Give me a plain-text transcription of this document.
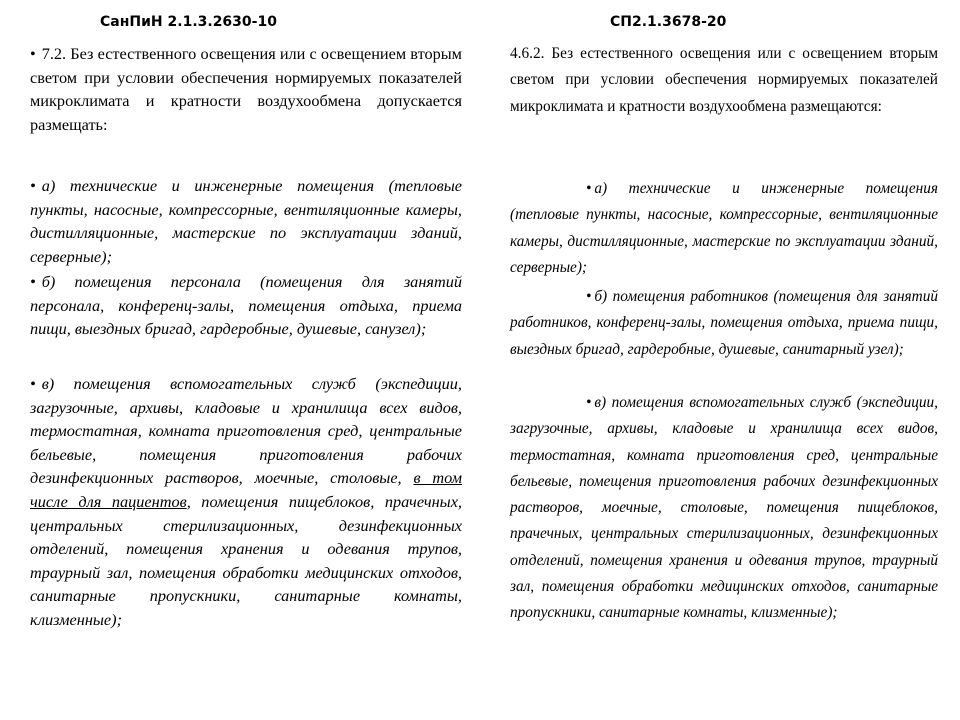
СанПиН 2.1.3.2630-10

• 7.2. Без естественного освещения или с освещением вторым светом при условии обеспечения нормируемых показателей микроклимата и кратности воздухообмена допускается размещать:

• а) технические и инженерные помещения (тепловые пункты, насосные, компрессорные, вентиляционные камеры, дистилляционные, мастерские по эксплуатации зданий, серверные);

• б) помещения персонала (помещения для занятий персонала, конференц-залы, помещения отдыха, приема пищи, выездных бригад, гардеробные, душевые, санузел);

• в) помещения вспомогательных служб (экспедиции, загрузочные, архивы, кладовые и хранилища всех видов, термостатная, комната приготовления сред, центральные бельевые, помещения приготовления рабочих дезинфекционных растворов, моечные, столовые, в том числе для пациентов, помещения пищеблоков, прачечных, центральных стерилизационных, дезинфекционных отделений, помещения хранения и одевания трупов, траурный зал, помещения обработки медицинских отходов, санитарные пропускники, санитарные комнаты, клизменные);

СП2.1.3678-20

4.6.2. Без естественного освещения или с освещением вторым светом при условии обеспечения нормируемых показателей микроклимата и кратности воздухообмена размещаются:

• а) технические и инженерные помещения (тепловые пункты, насосные, компрессорные, вентиляционные камеры, дистилляционные, мастерские по эксплуатации зданий, серверные);

• б) помещения работников (помещения для занятий работников, конференц-залы, помещения отдыха, приема пищи, выездных бригад, гардеробные, душевые, санитарный узел);

• в) помещения вспомогательных служб (экспедиции, загрузочные, архивы, кладовые и хранилища всех видов, термостатная, комната приготовления сред, центральные бельевые, помещения приготовления рабочих дезинфекционных растворов, моечные, столовые, помещения пищеблоков, прачечных, центральных стерилизационных, дезинфекционных отделений, помещения хранения и одевания трупов, траурный зал, помещения обработки медицинских отходов, санитарные пропускники, санитарные комнаты, клизменные);
